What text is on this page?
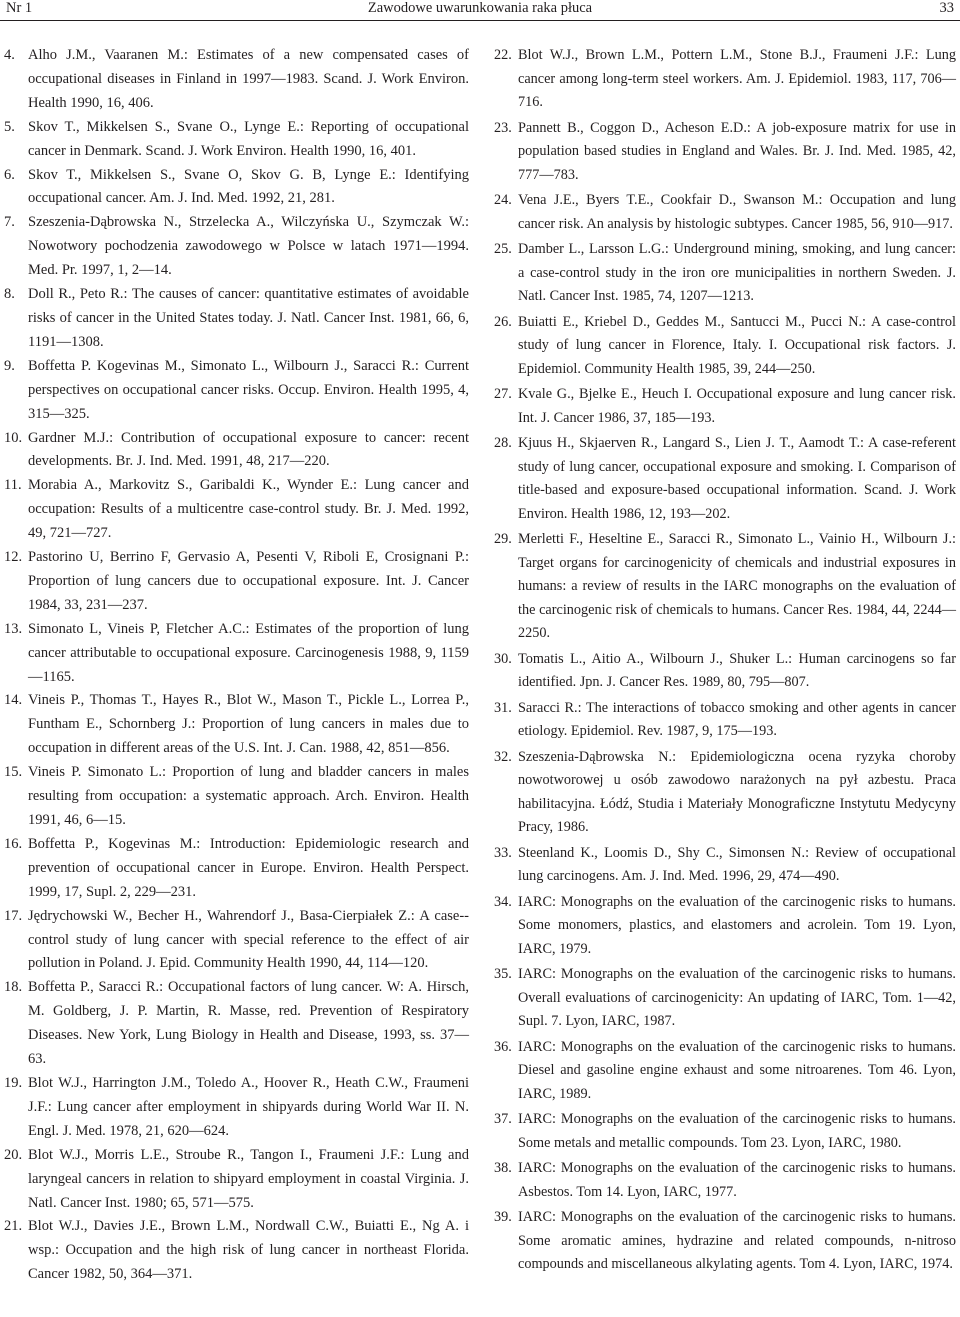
Nr 1	Zawodowe uwarunkowania raka płuca	33
4. Alho J.M., Vaaranen M.: Estimates of a new compensated cases of occupational diseases in Finland in 1997—1983. Scand. J. Work Environ. Health 1990, 16, 406.
5. Skov T., Mikkelsen S., Svane O., Lynge E.: Reporting of occupational cancer in Denmark. Scand. J. Work Environ. Health 1990, 16, 401.
6. Skov T., Mikkelsen S., Svane O, Skov G. B, Lynge E.: Identifying occupational cancer. Am. J. Ind. Med. 1992, 21, 281.
7. Szeszenia-Dąbrowska N., Strzelecka A., Wilczyńska U., Szymczak W.: Nowotwory pochodzenia zawodowego w Polsce w latach 1971—1994. Med. Pr. 1997, 1, 2—14.
8. Doll R., Peto R.: The causes of cancer: quantitative estimates of avoidable risks of cancer in the United States today. J. Natl. Cancer Inst. 1981, 66, 6, 1191—1308.
9. Boffetta P. Kogevinas M., Simonato L., Wilbourn J., Saracci R.: Current perspectives on occupational cancer risks. Occup. Environ. Health 1995, 4, 315—325.
10. Gardner M.J.: Contribution of occupational exposure to cancer: recent developments. Br. J. Ind. Med. 1991, 48, 217—220.
11. Morabia A., Markovitz S., Garibaldi K., Wynder E.: Lung cancer and occupation: Results of a multicentre case-control study. Br. J. Med. 1992, 49, 721—727.
12. Pastorino U, Berrino F, Gervasio A, Pesenti V, Riboli E, Crosignani P.: Proportion of lung cancers due to occupational exposure. Int. J. Cancer 1984, 33, 231—237.
13. Simonato L, Vineis P, Fletcher A.C.: Estimates of the proportion of lung cancer attributable to occupational exposure. Carcinogenesis 1988, 9, 1159—1165.
14. Vineis P., Thomas T., Hayes R., Blot W., Mason T., Pickle L., Lorrea P., Funtham E., Schornberg J.: Proportion of lung cancers in males due to occupation in different areas of the U.S. Int. J. Can. 1988, 42, 851—856.
15. Vineis P. Simonato L.: Proportion of lung and bladder cancers in males resulting from occupation: a systematic approach. Arch. Environ. Health 1991, 46, 6—15.
16. Boffetta P., Kogevinas M.: Introduction: Epidemiologic research and prevention of occupational cancer in Europe. Environ. Health Perspect. 1999, 17, Supl. 2, 229—231.
17. Jędrychowski W., Becher H., Wahrendorf J., Basa-Cierpiałek Z.: A case--control study of lung cancer with special reference to the effect of air pollution in Poland. J. Epid. Community Health 1990, 44, 114—120.
18. Boffetta P., Saracci R.: Occupational factors of lung cancer. W: A. Hirsch, M. Goldberg, J. P. Martin, R. Masse, red. Prevention of Respiratory Diseases. New York, Lung Biology in Health and Disease, 1993, ss. 37—63.
19. Blot W.J., Harrington J.M., Toledo A., Hoover R., Heath C.W., Fraumeni J.F.: Lung cancer after employment in shipyards during World War II. N. Engl. J. Med. 1978, 21, 620—624.
20. Blot W.J., Morris L.E., Stroube R., Tangon I., Fraumeni J.F.: Lung and laryngeal cancers in relation to shipyard employment in coastal Virginia. J. Natl. Cancer Inst. 1980; 65, 571—575.
21. Blot W.J., Davies J.E., Brown L.M., Nordwall C.W., Buiatti E., Ng A. i wsp.: Occupation and the high risk of lung cancer in northeast Florida. Cancer 1982, 50, 364—371.
22. Blot W.J., Brown L.M., Pottern L.M., Stone B.J., Fraumeni J.F.: Lung cancer among long-term steel workers. Am. J. Epidemiol. 1983, 117, 706—716.
23. Pannett B., Coggon D., Acheson E.D.: A job-exposure matrix for use in population based studies in England and Wales. Br. J. Ind. Med. 1985, 42, 777—783.
24. Vena J.E., Byers T.E., Cookfair D., Swanson M.: Occupation and lung cancer risk. An analysis by histologic subtypes. Cancer 1985, 56, 910—917.
25. Damber L., Larsson L.G.: Underground mining, smoking, and lung cancer: a case-control study in the iron ore municipalities in northern Sweden. J. Natl. Cancer Inst. 1985, 74, 1207—1213.
26. Buiatti E., Kriebel D., Geddes M., Santucci M., Pucci N.: A case-control study of lung cancer in Florence, Italy. I. Occupational risk factors. J. Epidemiol. Community Health 1985, 39, 244—250.
27. Kvale G., Bjelke E., Heuch I. Occupational exposure and lung cancer risk. Int. J. Cancer 1986, 37, 185—193.
28. Kjuus H., Skjaerven R., Langard S., Lien J. T., Aamodt T.: A case-referent study of lung cancer, occupational exposure and smoking. I. Comparison of title-based and exposure-based occupational information. Scand. J. Work Environ. Health 1986, 12, 193—202.
29. Merletti F., Heseltine E., Saracci R., Simonato L., Vainio H., Wilbourn J.: Target organs for carcinogenicity of chemicals and industrial exposures in humans: a review of results in the IARC monographs on the evaluation of the carcinogenic risk of chemicals to humans. Cancer Res. 1984, 44, 2244—2250.
30. Tomatis L., Aitio A., Wilbourn J., Shuker L.: Human carcinogens so far identified. Jpn. J. Cancer Res. 1989, 80, 795—807.
31. Saracci R.: The interactions of tobacco smoking and other agents in cancer etiology. Epidemiol. Rev. 1987, 9, 175—193.
32. Szeszenia-Dąbrowska N.: Epidemiologiczna ocena ryzyka choroby nowotworowej u osób zawodowo narażonych na pył azbestu. Praca habilitacyjna. Łódź, Studia i Materiały Monograficzne Instytutu Medycyny Pracy, 1986.
33. Steenland K., Loomis D., Shy C., Simonsen N.: Review of occupational lung carcinogens. Am. J. Ind. Med. 1996, 29, 474—490.
34. IARC: Monographs on the evaluation of the carcinogenic risks to humans. Some monomers, plastics, and elastomers and acrolein. Tom 19. Lyon, IARC, 1979.
35. IARC: Monographs on the evaluation of the carcinogenic risks to humans. Overall evaluations of carcinogenicity: An updating of IARC, Tom. 1—42, Supl. 7. Lyon, IARC, 1987.
36. IARC: Monographs on the evaluation of the carcinogenic risks to humans. Diesel and gasoline engine exhaust and some nitroarenes. Tom 46. Lyon, IARC, 1989.
37. IARC: Monographs on the evaluation of the carcinogenic risks to humans. Some metals and metallic compounds. Tom 23. Lyon, IARC, 1980.
38. IARC: Monographs on the evaluation of the carcinogenic risks to humans. Asbestos. Tom 14. Lyon, IARC, 1977.
39. IARC: Monographs on the evaluation of the carcinogenic risks to humans. Some aromatic amines, hydrazine and related compounds, n-nitroso compounds and miscellaneous alkylating agents. Tom 4. Lyon, IARC, 1974.
